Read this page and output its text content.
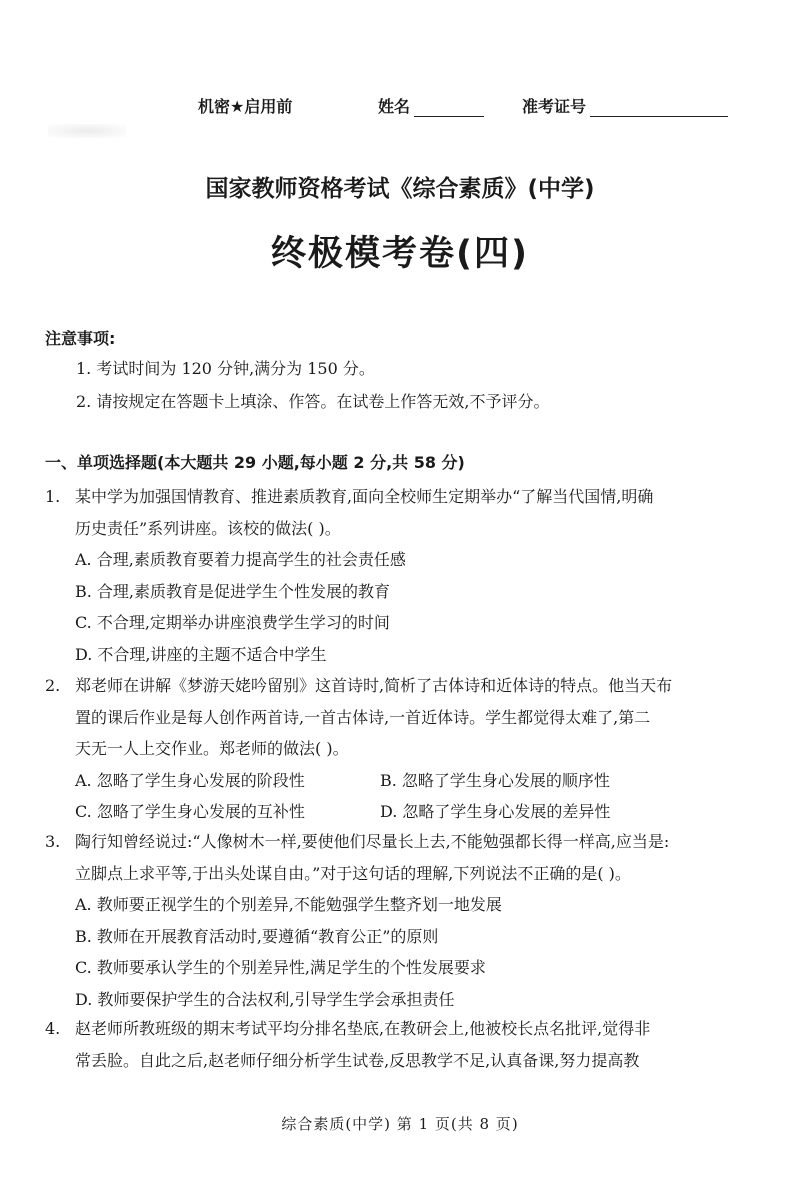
机密★启用前	姓名	准考证号
国家教师资格考试《综合素质》(中学)
终极模考卷(四)
注意事项:
1. 考试时间为 120 分钟,满分为 150 分。
2. 请按规定在答题卡上填涂、作答。在试卷上作答无效,不予评分。
一、单项选择题(本大题共 29 小题,每小题 2 分,共 58 分)
1. 某中学为加强国情教育、推进素质教育,面向全校师生定期举办“了解当代国情,明确
历史责任”系列讲座。该校的做法( )。
A. 合理,素质教育要着力提高学生的社会责任感
B. 合理,素质教育是促进学生个性发展的教育
C. 不合理,定期举办讲座浪费学生学习的时间
D. 不合理,讲座的主题不适合中学生
2. 郑老师在讲解《梦游天姥吟留别》这首诗时,简析了古体诗和近体诗的特点。他当天布
置的课后作业是每人创作两首诗,一首古体诗,一首近体诗。学生都觉得太难了,第二
天无一人上交作业。郑老师的做法( )。
A. 忽略了学生身心发展的阶段性	B. 忽略了学生身心发展的顺序性
C. 忽略了学生身心发展的互补性	D. 忽略了学生身心发展的差异性
3. 陶行知曾经说过:“人像树木一样,要使他们尽量长上去,不能勉强都长得一样高,应当是:
立脚点上求平等,于出头处谋自由。”对于这句话的理解,下列说法不正确的是( )。
A. 教师要正视学生的个别差异,不能勉强学生整齐划一地发展
B. 教师在开展教育活动时,要遵循“教育公正”的原则
C. 教师要承认学生的个别差异性,满足学生的个性发展要求
D. 教师要保护学生的合法权利,引导学生学会承担责任
4. 赵老师所教班级的期末考试平均分排名垫底,在教研会上,他被校长点名批评,觉得非
常丢脸。自此之后,赵老师仔细分析学生试卷,反思教学不足,认真备课,努力提高教
综合素质(中学) 第 1 页(共 8 页)
